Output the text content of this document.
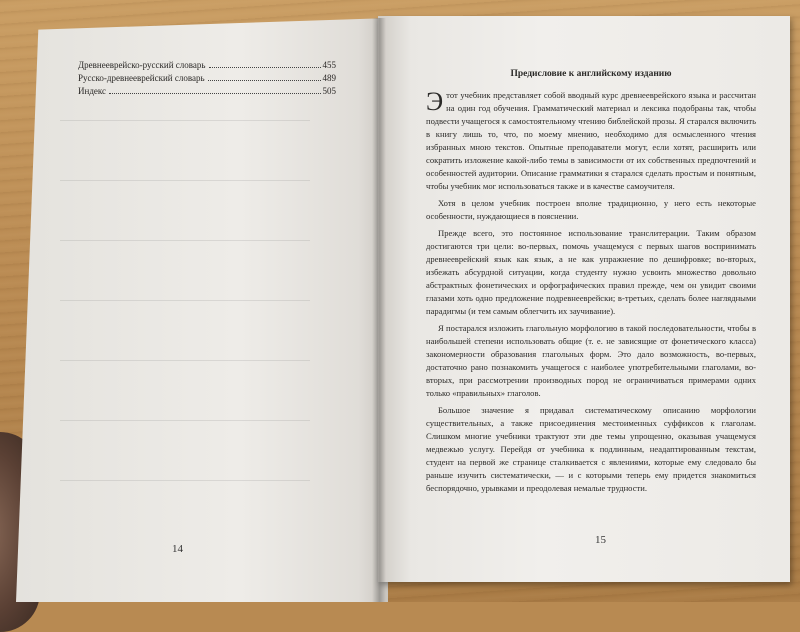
Древнееврейско-русский словарь	455
Русско-древнееврейский словарь	489
Индекс	505
14
Предисловие к английскому изданию

Этот учебник представляет собой вводный курс древнееврейского языка и рассчитан на один год обучения. Грамматический материал и лексика подобраны так, чтобы подвести учащегося к самостоятельному чтению библейской прозы. Я старался включить в книгу лишь то, что, по моему мнению, необходимо для осмысленного чтения избранных мною текстов. Опытные преподаватели могут, если хотят, расширить или сократить изложение какой-либо темы в зависимости от их собственных предпочтений и особенностей аудитории. Описание грамматики я старался сделать простым и понятным, чтобы учебник мог использоваться также и в качестве самоучителя.

Хотя в целом учебник построен вполне традиционно, у него есть некоторые особенности, нуждающиеся в пояснении.

Прежде всего, это постоянное использование транслитерации. Таким образом достигаются три цели: во-первых, помочь учащемуся с первых шагов воспринимать древнееврейский язык как язык, а не как упражнение по дешифровке; во-вторых, избежать абсурдной ситуации, когда студенту нужно усвоить множество довольно абстрактных фонетических и орфографических правил прежде, чем он увидит своими глазами хоть одно предложение подревнееврейски; в-третьих, сделать более наглядными парадигмы (и тем самым облегчить их заучивание).

Я постарался изложить глагольную морфологию в такой последовательности, чтобы в наибольшей степени использовать общие (т. е. не зависящие от фонетического класса) закономерности образования глагольных форм. Это дало возможность, во-первых, достаточно рано познакомить учащегося с наиболее употребительными глаголами, во-вторых, при рассмотрении производных пород не ограничиваться примерами одних только «правильных» глаголов.

Большое значение я придавал систематическому описанию морфологии существительных, а также присоединения местоименных суффиксов к глаголам. Слишком многие учебники трактуют эти две темы упрощенно, оказывая учащемуся медвежью услугу. Перейдя от учебника к подлинным, неадаптированным текстам, студент на первой же странице сталкивается с явлениями, которые ему следовало бы раньше изучить систематически, — и с которыми теперь ему придется знакомиться беспорядочно, урывками и преодолевая немалые трудности.

15
